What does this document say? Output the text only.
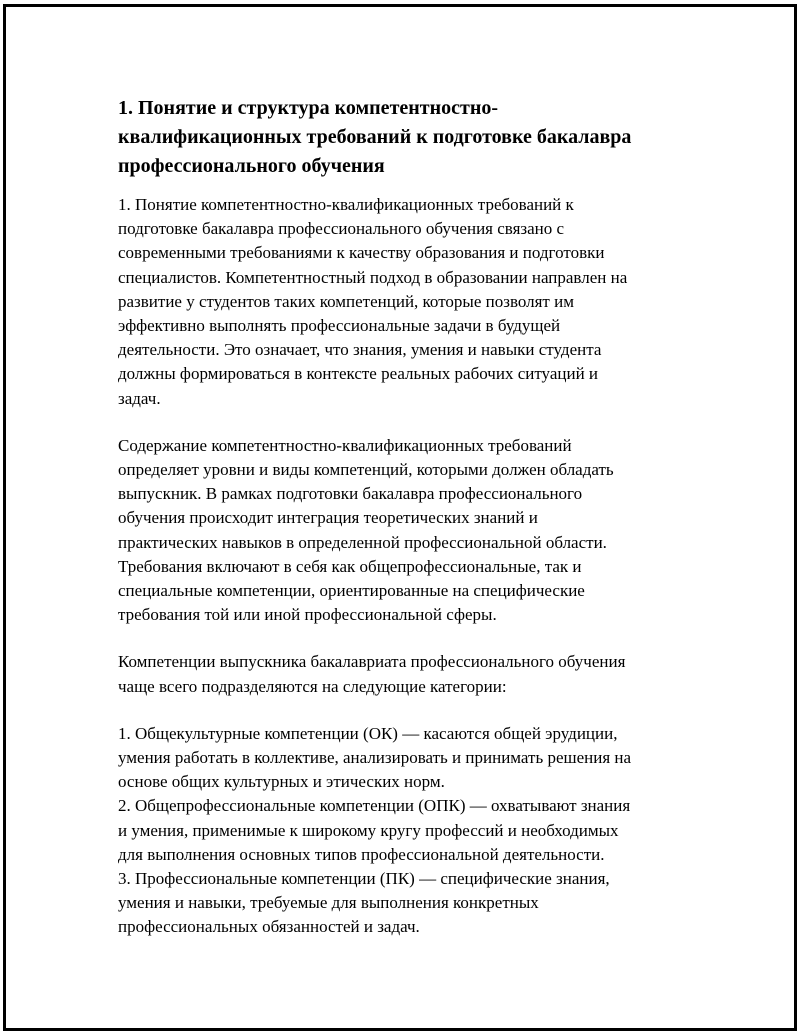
1. Понятие и структура компетентностно- квалификационных требований к подготовке бакалавра профессионального обучения

1. Понятие компетентностно-квалификационных требований к
подготовке бакалавра профессионального обучения связано с
современными требованиями к качеству образования и подготовки
специалистов. Компетентностный подход в образовании направлен на
развитие у студентов таких компетенций, которые позволят им
эффективно выполнять профессиональные задачи в будущей
деятельности. Это означает, что знания, умения и навыки студента
должны формироваться в контексте реальных рабочих ситуаций и
задач.

Содержание компетентностно-квалификационных требований
определяет уровни и виды компетенций, которыми должен обладать
выпускник. В рамках подготовки бакалавра профессионального
обучения происходит интеграция теоретических знаний и
практических навыков в определенной профессиональной области.
Требования включают в себя как общепрофессиональные, так и
специальные компетенции, ориентированные на специфические
требования той или иной профессиональной сферы.

Компетенции выпускника бакалавриата профессионального обучения
чаще всего подразделяются на следующие категории:

1. Общекультурные компетенции (ОК) — касаются общей эрудиции,
умения работать в коллективе, анализировать и принимать решения на
основе общих культурных и этических норм.
2. Общепрофессиональные компетенции (ОПК) — охватывают знания
и умения, применимые к широкому кругу профессий и необходимых
для выполнения основных типов профессиональной деятельности.
3. Профессиональные компетенции (ПК) — специфические знания,
умения и навыки, требуемые для выполнения конкретных
профессиональных обязанностей и задач.
